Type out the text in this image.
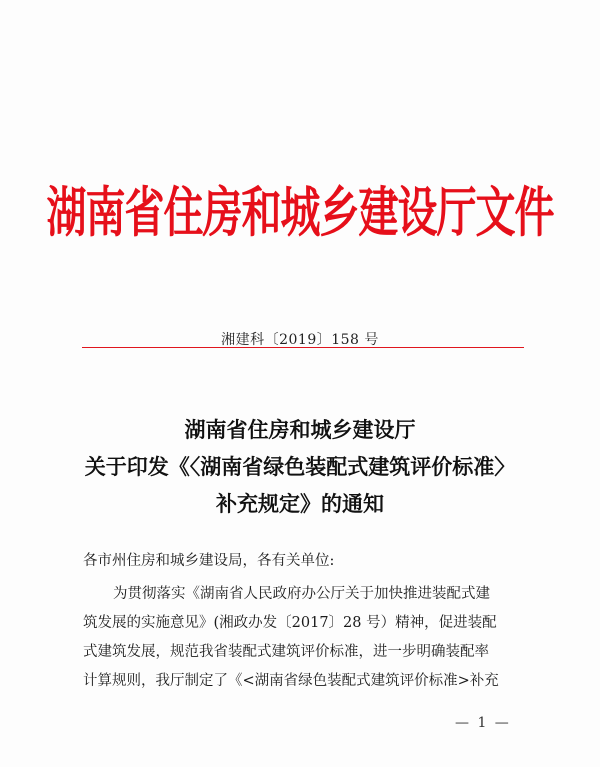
湖南省住房和城乡建设厅文件
湘建科〔2019〕158 号
湖南省住房和城乡建设厅
关于印发《〈湖南省绿色装配式建筑评价标准〉
补充规定》的通知
各市州住房和城乡建设局，各有关单位:
为贯彻落实《湖南省人民政府办公厅关于加快推进装配式建
筑发展的实施意见》(湘政办发〔2017〕28 号）精神，促进装配
式建筑发展，规范我省装配式建筑评价标准，进一步明确装配率
计算规则，我厅制定了《<湖南省绿色装配式建筑评价标准>补充
— 1 —
